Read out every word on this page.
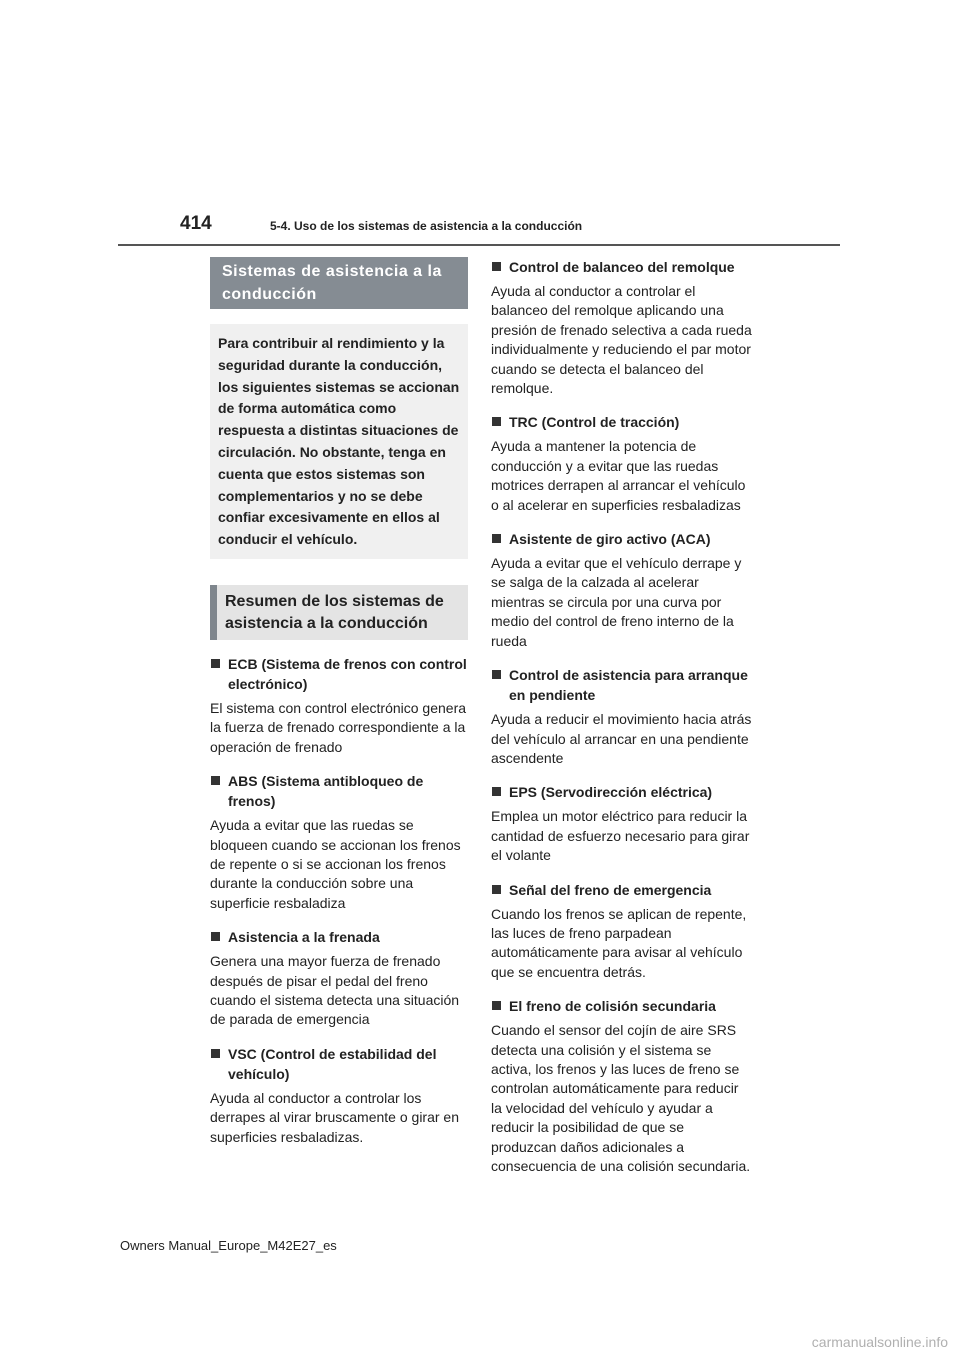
414	5-4. Uso de los sistemas de asistencia a la conducción
Sistemas de asistencia a la conducción
Para contribuir al rendimiento y la seguridad durante la conducción, los siguientes sistemas se accionan de forma automática como respuesta a distintas situaciones de circulación. No obstante, tenga en cuenta que estos sistemas son complementarios y no se debe confiar excesivamente en ellos al conducir el vehículo.
Resumen de los sistemas de asistencia a la conducción
ECB (Sistema de frenos con control electrónico)
El sistema con control electrónico genera la fuerza de frenado correspondiente a la operación de frenado
ABS (Sistema antibloqueo de frenos)
Ayuda a evitar que las ruedas se bloqueen cuando se accionan los frenos de repente o si se accionan los frenos durante la conducción sobre una superficie resbaladiza
Asistencia a la frenada
Genera una mayor fuerza de frenado después de pisar el pedal del freno cuando el sistema detecta una situación de parada de emergencia
VSC (Control de estabilidad del vehículo)
Ayuda al conductor a controlar los derrapes al virar bruscamente o girar en superficies resbaladizas.
Control de balanceo del remolque
Ayuda al conductor a controlar el balanceo del remolque aplicando una presión de frenado selectiva a cada rueda individualmente y reduciendo el par motor cuando se detecta el balanceo del remolque.
TRC (Control de tracción)
Ayuda a mantener la potencia de conducción y a evitar que las ruedas motrices derrapen al arrancar el vehículo o al acelerar en superficies resbaladizas
Asistente de giro activo (ACA)
Ayuda a evitar que el vehículo derrape y se salga de la calzada al acelerar mientras se circula por una curva por medio del control de freno interno de la rueda
Control de asistencia para arranque en pendiente
Ayuda a reducir el movimiento hacia atrás del vehículo al arrancar en una pendiente ascendente
EPS (Servodirección eléctrica)
Emplea un motor eléctrico para reducir la cantidad de esfuerzo necesario para girar el volante
Señal del freno de emergencia
Cuando los frenos se aplican de repente, las luces de freno parpadean automáticamente para avisar al vehículo que se encuentra detrás.
El freno de colisión secundaria
Cuando el sensor del cojín de aire SRS detecta una colisión y el sistema se activa, los frenos y las luces de freno se controlan automáticamente para reducir la velocidad del vehículo y ayudar a reducir la posibilidad de que se produzcan daños adicionales a consecuencia de una colisión secundaria.
Owners Manual_Europe_M42E27_es
carmanualsonline.info
